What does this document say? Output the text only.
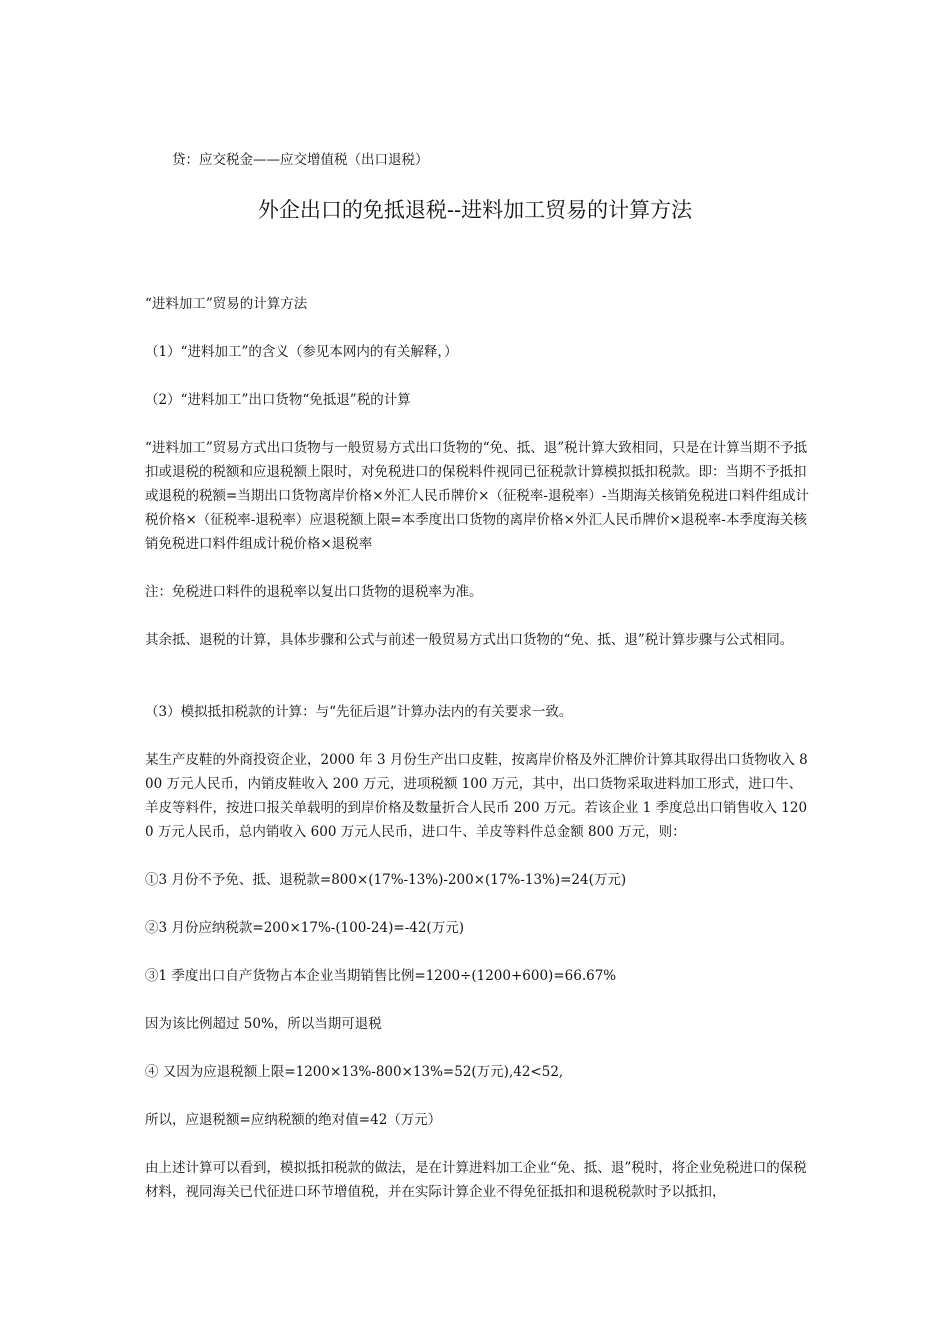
贷：应交税金——应交增值税（出口退税）
外企出口的免抵退税--进料加工贸易的计算方法

“进料加工”贸易的计算方法

（1）“进料加工”的含义（参见本网内的有关解释，）

（2）“进料加工”出口货物“免抵退”税的计算

“进料加工”贸易方式出口货物与一般贸易方式出口货物的“免、抵、退”税计算大致相同，只是在计算当期不予抵扣或退税的税额和应退税额上限时，对免税进口的保税料件视同已征税款计算模拟抵扣税款。即：当期不予抵扣或退税的税额=当期出口货物离岸价格×外汇人民币牌价×（征税率-退税率）-当期海关核销免税进口料件组成计税价格×（征税率-退税率）应退税额上限=本季度出口货物的离岸价格×外汇人民币牌价×退税率-本季度海关核销免税进口料件组成计税价格×退税率

注：免税进口料件的退税率以复出口货物的退税率为准。

其余抵、退税的计算，具体步骤和公式与前述一般贸易方式出口货物的“免、抵、退”税计算步骤与公式相同。

（3）模拟抵扣税款的计算：与“先征后退”计算办法内的有关要求一致。

某生产皮鞋的外商投资企业，2000 年 3 月份生产出口皮鞋，按离岸价格及外汇牌价计算其取得出口货物收入 800 万元人民币，内销皮鞋收入 200 万元，进项税额 100 万元，其中，出口货物采取进料加工形式，进口牛、羊皮等料件，按进口报关单载明的到岸价格及数量折合人民币 200 万元。若该企业 1 季度总出口销售收入 1200 万元人民币，总内销收入 600 万元人民币，进口牛、羊皮等料件总金额 800 万元，则：

①3 月份不予免、抵、退税款=800×(17%-13%)-200×(17%-13%)=24(万元)

②3 月份应纳税款=200×17%-(100-24)=-42(万元)

③1 季度出口自产货物占本企业当期销售比例=1200÷(1200+600)=66.67%

因为该比例超过 50%，所以当期可退税

④ 又因为应退税额上限=1200×13%-800×13%=52(万元),42<52,

所以，应退税额=应纳税额的绝对值=42（万元）

由上述计算可以看到，模拟抵扣税款的做法，是在计算进料加工企业“免、抵、退”税时，将企业免税进口的保税材料，视同海关已代征进口环节增值税，并在实际计算企业不得免征抵扣和退税税款时予以抵扣，
